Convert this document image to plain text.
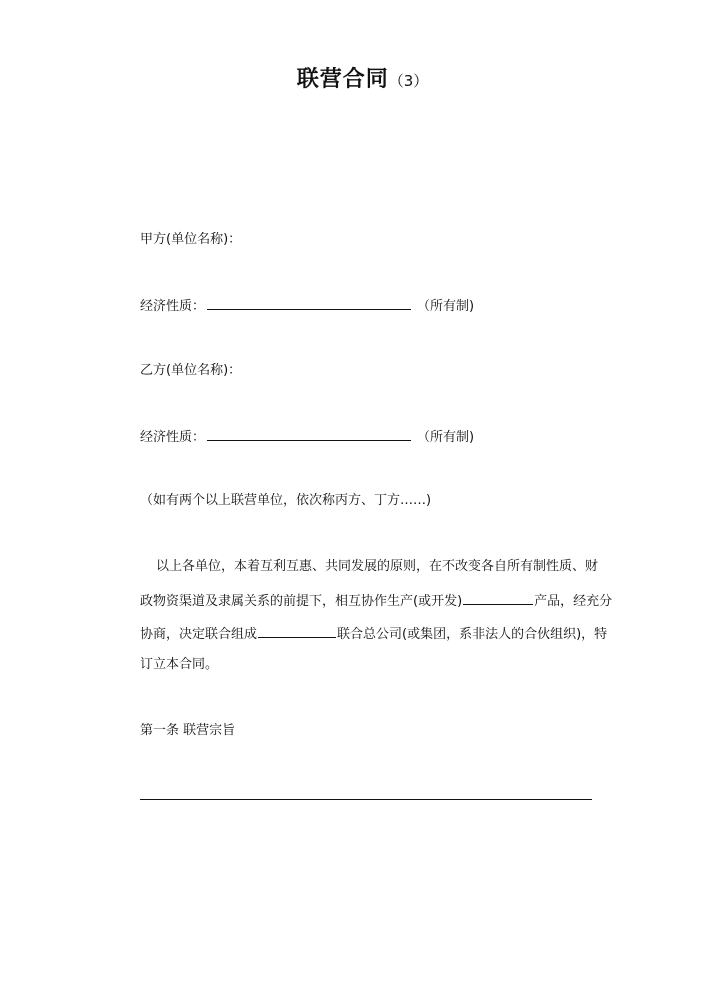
联营合同（3）
甲方(单位名称)：
经济性质：	（所有制)
乙方(单位名称)：
经济性质：	（所有制)
（如有两个以上联营单位，依次称丙方、丁方……)
以上各单位，本着互利互惠、共同发展的原则，在不改变各自所有制性质、财
政物资渠道及隶属关系的前提下，相互协作生产(或开发)	产品，经充分
协商，决定联合组成	联合总公司(或集团，系非法人的合伙组织)，特
订立本合同。
第一条 联营宗旨
